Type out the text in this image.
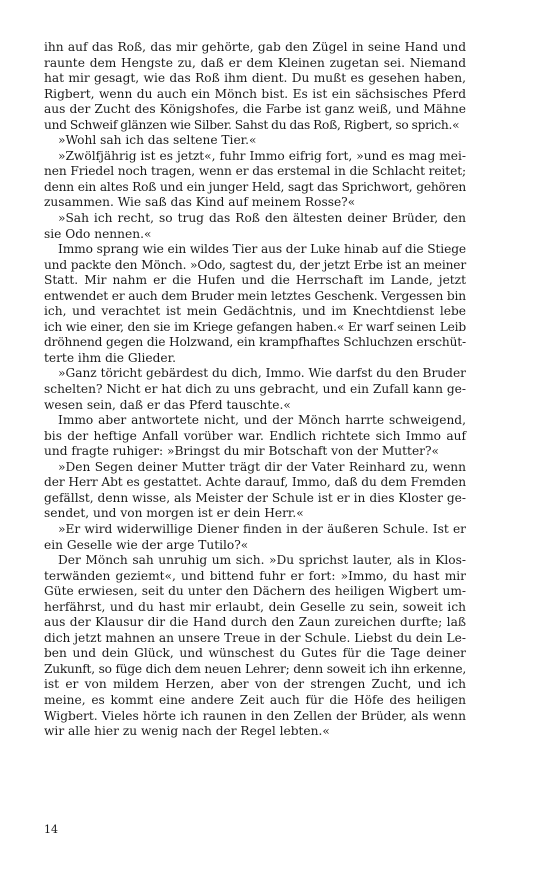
ihn auf das Roß, das mir gehörte, gab den Zügel in seine Hand und
raunte dem Hengste zu, daß er dem Kleinen zugetan sei. Niemand
hat mir gesagt, wie das Roß ihm dient. Du mußt es gesehen haben,
Rigbert, wenn du auch ein Mönch bist. Es ist ein sächsisches Pferd
aus der Zucht des Königshofes, die Farbe ist ganz weiß, und Mähne
und Schweif glänzen wie Silber. Sahst du das Roß, Rigbert, so sprich.«
»Wohl sah ich das seltene Tier.«
»Zwölfjährig ist es jetzt«, fuhr Immo eifrig fort, »und es mag mei-
nen Friedel noch tragen, wenn er das erstemal in die Schlacht reitet;
denn ein altes Roß und ein junger Held, sagt das Sprichwort, gehören
zusammen. Wie saß das Kind auf meinem Rosse?«
»Sah ich recht, so trug das Roß den ältesten deiner Brüder, den
sie Odo nennen.«
Immo sprang wie ein wildes Tier aus der Luke hinab auf die Stiege
und packte den Mönch. »Odo, sagtest du, der jetzt Erbe ist an meiner
Statt. Mir nahm er die Hufen und die Herrschaft im Lande, jetzt
entwendet er auch dem Bruder mein letztes Geschenk. Vergessen bin
ich, und verachtet ist mein Gedächtnis, und im Knechtdienst lebe
ich wie einer, den sie im Kriege gefangen haben.« Er warf seinen Leib
dröhnend gegen die Holzwand, ein krampfhaftes Schluchzen erschüt-
terte ihm die Glieder.
»Ganz töricht gebärdest du dich, Immo. Wie darfst du den Bruder
schelten? Nicht er hat dich zu uns gebracht, und ein Zufall kann ge-
wesen sein, daß er das Pferd tauschte.«
Immo aber antwortete nicht, und der Mönch harrte schweigend,
bis der heftige Anfall vorüber war. Endlich richtete sich Immo auf
und fragte ruhiger: »Bringst du mir Botschaft von der Mutter?«
»Den Segen deiner Mutter trägt dir der Vater Reinhard zu, wenn
der Herr Abt es gestattet. Achte darauf, Immo, daß du dem Fremden
gefällst, denn wisse, als Meister der Schule ist er in dies Kloster ge-
sendet, und von morgen ist er dein Herr.«
»Er wird widerwillige Diener finden in der äußeren Schule. Ist er
ein Geselle wie der arge Tutilo?«
Der Mönch sah unruhig um sich. »Du sprichst lauter, als in Klos-
terwänden geziemt«, und bittend fuhr er fort: »Immo, du hast mir
Güte erwiesen, seit du unter den Dächern des heiligen Wigbert um-
herfährst, und du hast mir erlaubt, dein Geselle zu sein, soweit ich
aus der Klausur dir die Hand durch den Zaun zureichen durfte; laß
dich jetzt mahnen an unsere Treue in der Schule. Liebst du dein Le-
ben und dein Glück, und wünschest du Gutes für die Tage deiner
Zukunft, so füge dich dem neuen Lehrer; denn soweit ich ihn erkenne,
ist er von mildem Herzen, aber von der strengen Zucht, und ich
meine, es kommt eine andere Zeit auch für die Höfe des heiligen
Wigbert. Vieles hörte ich raunen in den Zellen der Brüder, als wenn
wir alle hier zu wenig nach der Regel lebten.«
14
